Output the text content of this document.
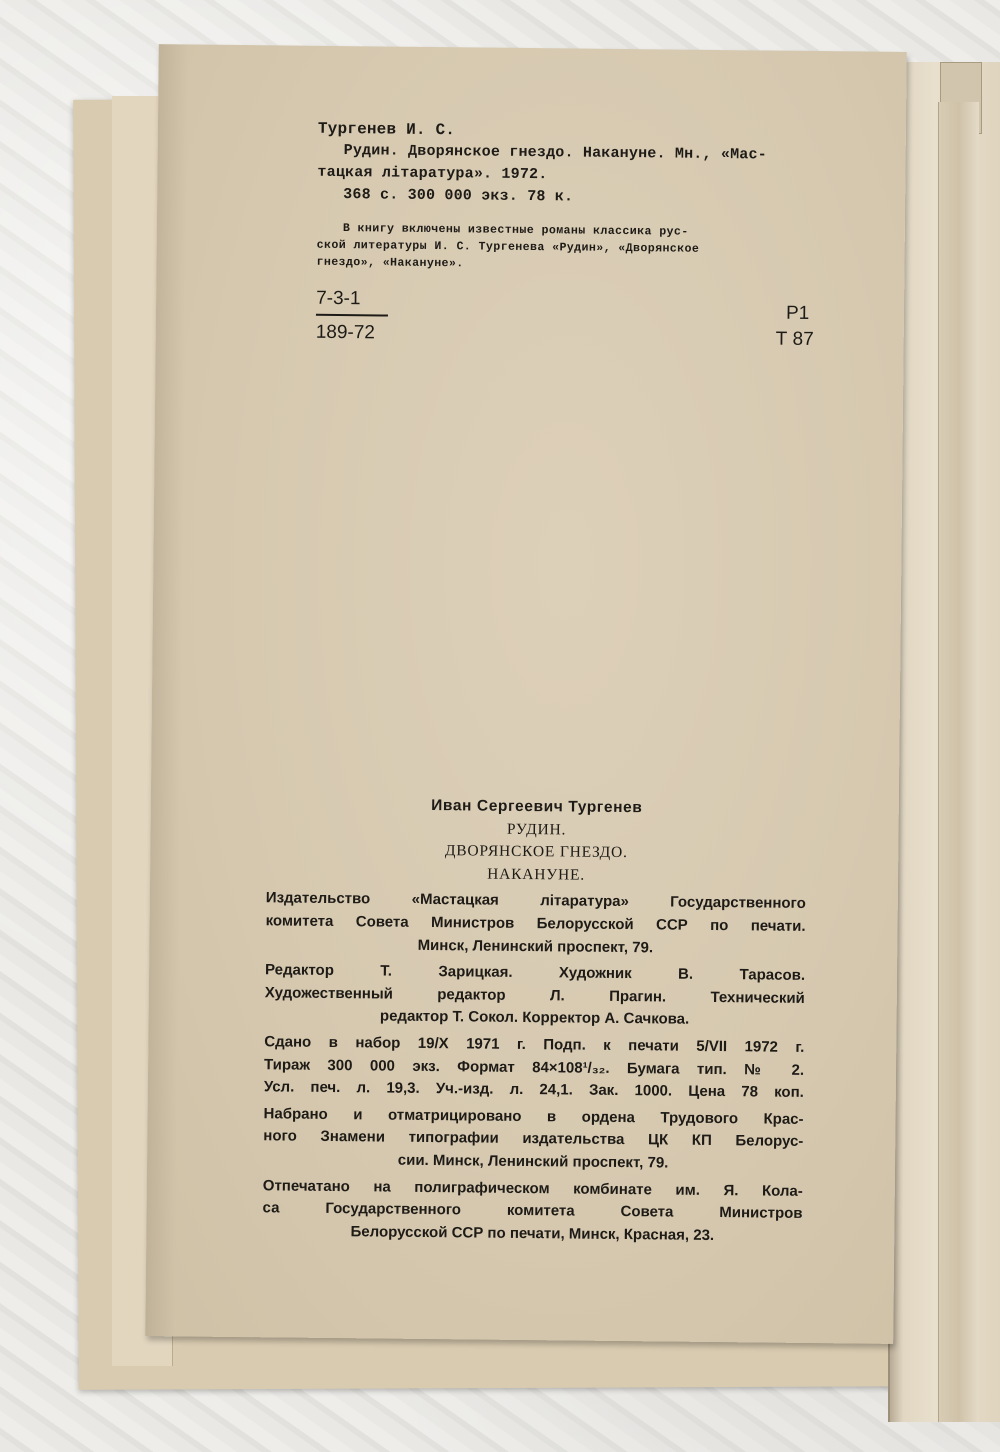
Тургенев И. С.
Рудин. Дворянское гнездо. Накануне. Мн., «Мас-
тацкая літаратура». 1972.
368 с. 300 000 экз. 78 к.
В книгу включены известные романы классика рус-
ской литературы И. С. Тургенева «Рудин», «Дворянское
гнездо», «Накануне».
7-3-1
189-72
Р1
Т 87
Иван Сергеевич Тургенев
РУДИН.
ДВОРЯНСКОЕ ГНЕЗДО.
НАКАНУНЕ.
Издательство «Мастацкая літаратура» Государственного
комитета Совета Министров Белорусской ССР по печати.
Минск, Ленинский проспект, 79.
Редактор Т. Зарицкая. Художник В. Тарасов.
Художественный редактор Л. Прагин. Технический
редактор Т. Сокол. Корректор А. Сачкова.
Сдано в набор 19/X 1971 г. Подп. к печати 5/VII 1972 г.
Тираж 300 000 экз. Формат 84×108¹/₃₂. Бумага тип. № 2.
Усл. печ. л. 19,3. Уч.-изд. л. 24,1. Зак. 1000. Цена 78 коп.
Набрано и отматрицировано в ордена Трудового Крас-
ного Знамени типографии издательства ЦК КП Белорус-
сии. Минск, Ленинский проспект, 79.
Отпечатано на полиграфическом комбинате им. Я. Кола-
са Государственного комитета Совета Министров
Белорусской ССР по печати, Минск, Красная, 23.
